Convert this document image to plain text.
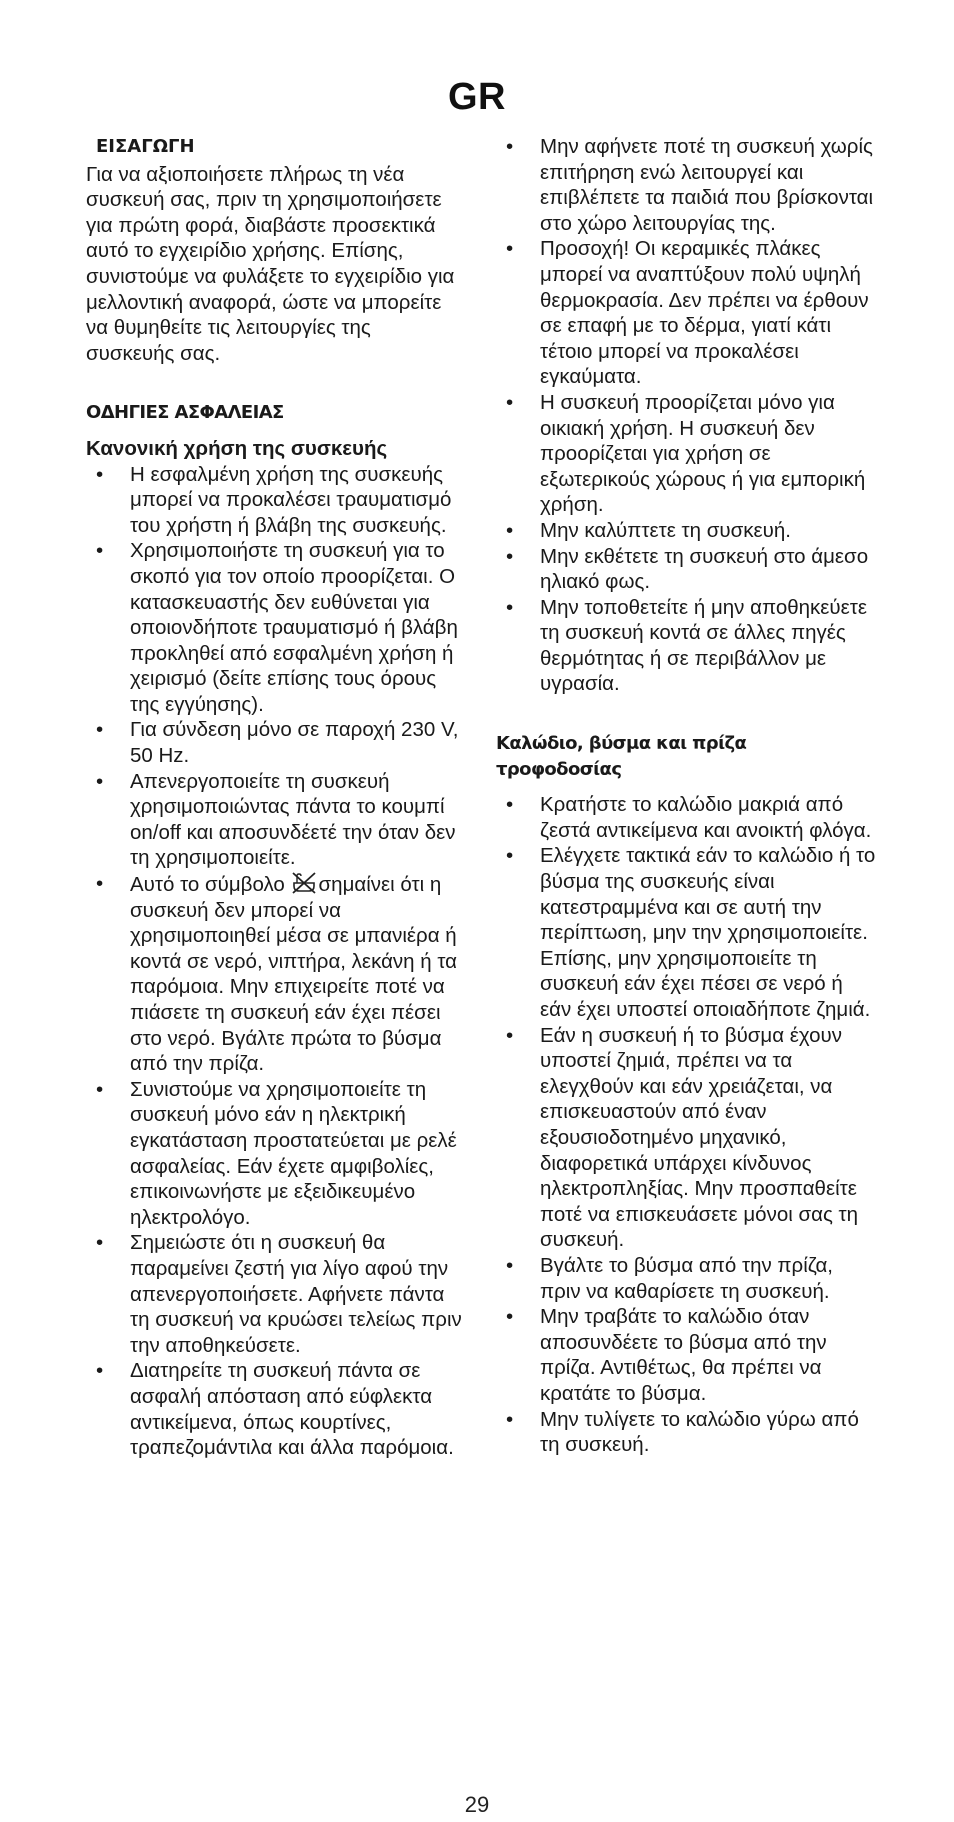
GR

ΕΙΣΑΓΩΓΗ

Για να αξιοποιήσετε πλήρως τη νέα συσκευή σας, πριν τη χρησιμοποιήσετε για πρώτη φορά, διαβάστε προσεκτικά αυτό το εγχειρίδιο χρήσης. Επίσης, συνιστούμε να φυλάξετε το εγχειρίδιο για μελλοντική αναφορά, ώστε να μπορείτε να θυμηθείτε τις λειτουργίες της συσκευής σας.

ΟΔΗΓΙΕΣ ΑΣΦΑΛΕΙΑΣ

Κανονική χρήση της συσκευής

• Η εσφαλμένη χρήση της συσκευής μπορεί να προκαλέσει τραυματισμό του χρήστη ή βλάβη της συσκευής.
• Χρησιμοποιήστε τη συσκευή για το σκοπό για τον οποίο προορίζεται. Ο κατασκευαστής δεν ευθύνεται για οποιονδήποτε τραυματισμό ή βλάβη προκληθεί από εσφαλμένη χρήση ή χειρισμό (δείτε επίσης τους όρους της εγγύησης).
• Για σύνδεση μόνο σε παροχή 230 V, 50 Hz.
• Απενεργοποιείτε τη συσκευή χρησιμοποιώντας πάντα το κουμπί on/off και αποσυνδέετέ την όταν δεν τη χρησιμοποιείτε.
• Αυτό το σύμβολο σημαίνει ότι η συσκευή δεν μπορεί να χρησιμοποιηθεί μέσα σε μπανιέρα ή κοντά σε νερό, νιπτήρα, λεκάνη ή τα παρόμοια. Μην επιχειρείτε ποτέ να πιάσετε τη συσκευή εάν έχει πέσει στο νερό. Βγάλτε πρώτα το βύσμα από την πρίζα.
• Συνιστούμε να χρησιμοποιείτε τη συσκευή μόνο εάν η ηλεκτρική εγκατάσταση προστατεύεται με ρελέ ασφαλείας. Εάν έχετε αμφιβολίες, επικοινωνήστε με εξειδικευμένο ηλεκτρολόγο.
• Σημειώστε ότι η συσκευή θα παραμείνει ζεστή για λίγο αφού την απενεργοποιήσετε. Αφήνετε πάντα τη συσκευή να κρυώσει τελείως πριν την αποθηκεύσετε.
• Διατηρείτε τη συσκευή πάντα σε ασφαλή απόσταση από εύφλεκτα αντικείμενα, όπως κουρτίνες, τραπεζομάντιλα και άλλα παρόμοια.
• Μην αφήνετε ποτέ τη συσκευή χωρίς επιτήρηση ενώ λειτουργεί και επιβλέπετε τα παιδιά που βρίσκονται στο χώρο λειτουργίας της.
• Προσοχή! Οι κεραμικές πλάκες μπορεί να αναπτύξουν πολύ υψηλή θερμοκρασία. Δεν πρέπει να έρθουν σε επαφή με το δέρμα, γιατί κάτι τέτοιο μπορεί να προκαλέσει εγκαύματα.
• Η συσκευή προορίζεται μόνο για οικιακή χρήση. Η συσκευή δεν προορίζεται για χρήση σε εξωτερικούς χώρους ή για εμπορική χρήση.
• Μην καλύπτετε τη συσκευή.
• Μην εκθέτετε τη συσκευή στο άμεσο ηλιακό φως.
• Μην τοποθετείτε ή μην αποθηκεύετε τη συσκευή κοντά σε άλλες πηγές θερμότητας ή σε περιβάλλον με υγρασία.

Καλώδιο, βύσμα και πρίζα τροφοδοσίας

• Κρατήστε το καλώδιο μακριά από ζεστά αντικείμενα και ανοικτή φλόγα.
• Ελέγχετε τακτικά εάν το καλώδιο ή το βύσμα της συσκευής είναι κατεστραμμένα και σε αυτή την περίπτωση, μην την χρησιμοποιείτε. Επίσης, μην χρησιμοποιείτε τη συσκευή εάν έχει πέσει σε νερό ή εάν έχει υποστεί οποιαδήποτε ζημιά.
• Εάν η συσκευή ή το βύσμα έχουν υποστεί ζημιά, πρέπει να τα ελεγχθούν και εάν χρειάζεται, να επισκευαστούν από έναν εξουσιοδοτημένο μηχανικό, διαφορετικά υπάρχει κίνδυνος ηλεκτροπληξίας. Μην προσπαθείτε ποτέ να επισκευάσετε μόνοι σας τη συσκευή.
• Βγάλτε το βύσμα από την πρίζα, πριν να καθαρίσετε τη συσκευή.
• Μην τραβάτε το καλώδιο όταν αποσυνδέετε το βύσμα από την πρίζα. Αντιθέτως, θα πρέπει να κρατάτε το βύσμα.
• Μην τυλίγετε το καλώδιο γύρω από τη συσκευή.
29
